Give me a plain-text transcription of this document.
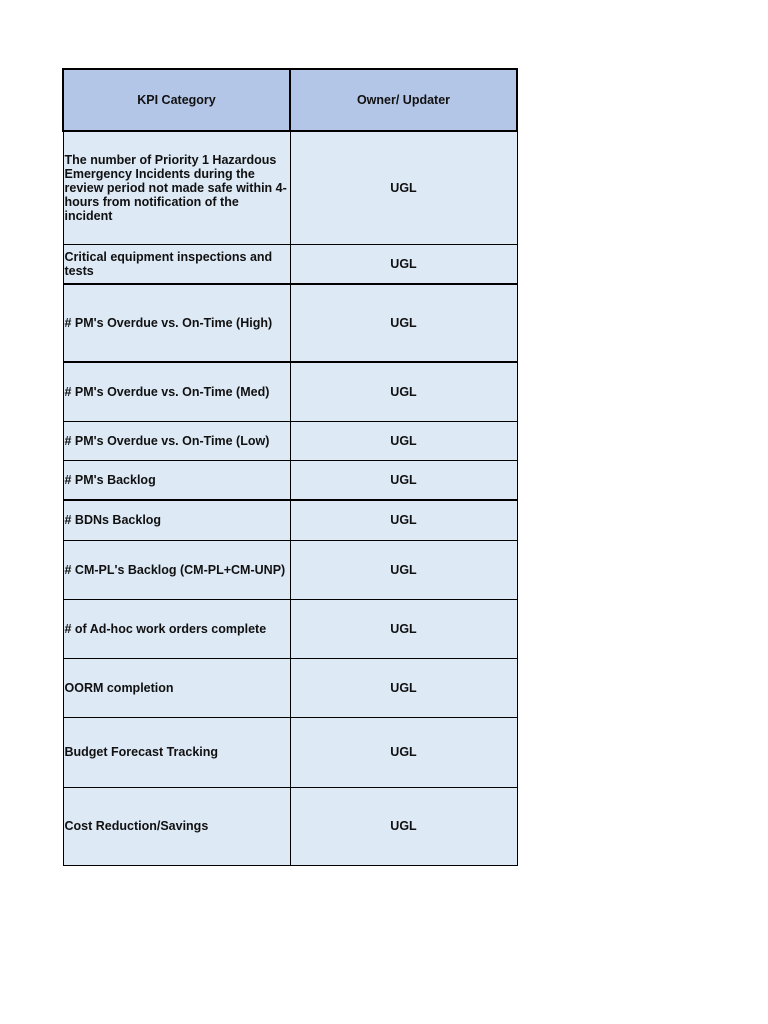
KPI Category	Owner/ Updater
The number of Priority 1 Hazardous Emergency Incidents during the review period not made safe within 4- hours from notification of the incident	UGL
Critical equipment inspections and tests	UGL
# PM's Overdue vs. On-Time (High)	UGL
# PM's Overdue vs. On-Time (Med)	UGL
# PM's Overdue vs. On-Time (Low)	UGL
# PM's Backlog	UGL
# BDNs Backlog	UGL
# CM-PL's Backlog (CM-PL+CM-UNP)	UGL
# of Ad-hoc work orders complete	UGL
OORM completion	UGL
Budget Forecast Tracking	UGL
Cost Reduction/Savings	UGL
